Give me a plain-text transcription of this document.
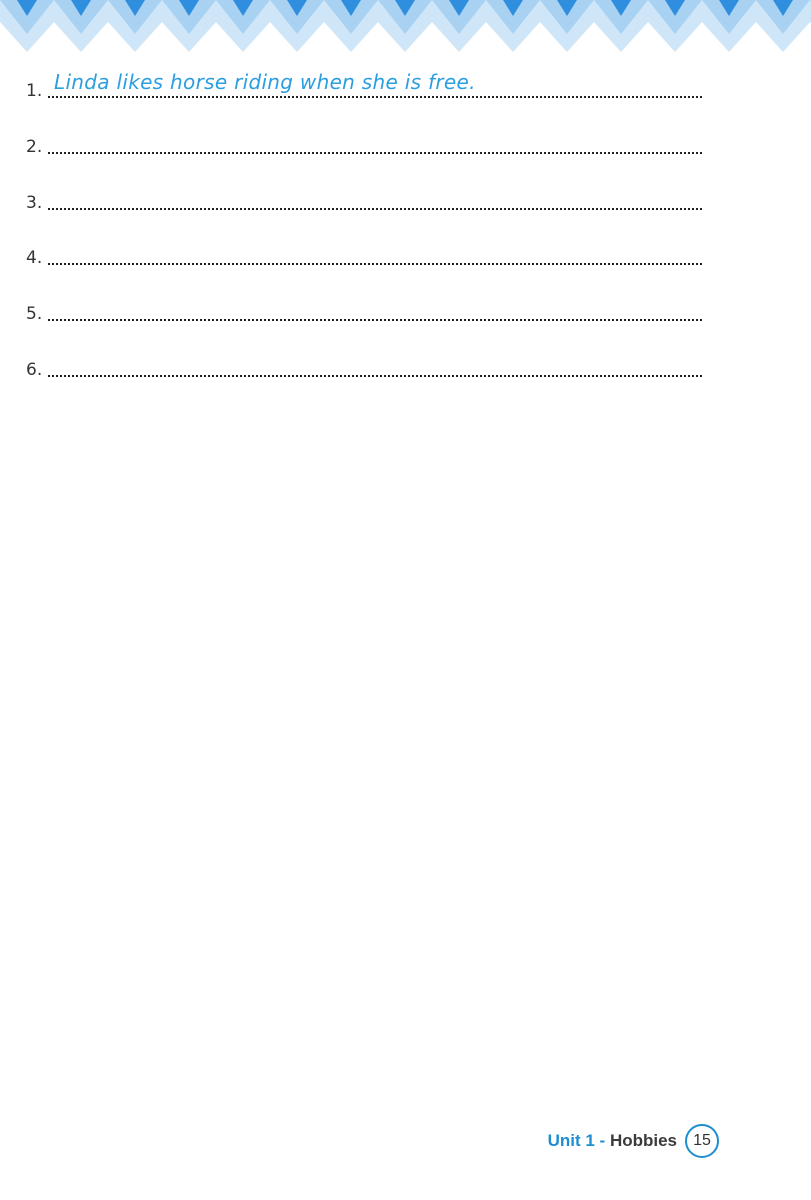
1. Linda likes horse riding when she is free.
2.
3.
4.
5.
6.
Unit 1 - Hobbies	15
